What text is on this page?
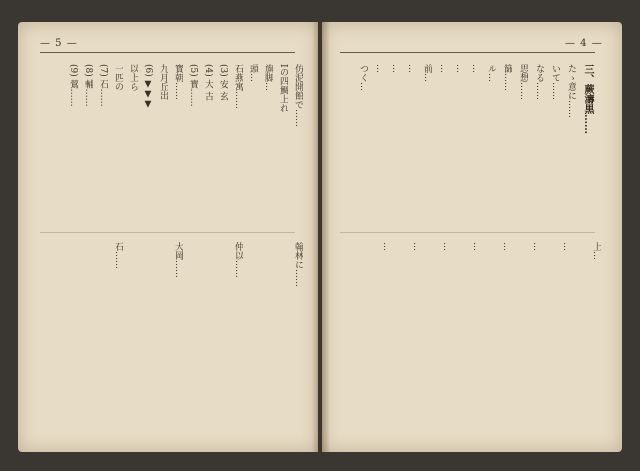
— 5 —	— 4 —
仿泥開館で……
Iの四鯛上れ
旗脚…
頭…
石燕寓……
(3) 安 玄
(4) 大 古
(5) 寳……
寳朝……
九月丘出
(6) ▼▼▼
以上ら
一匹の
(7) 石……
(8) 輔……
(9) 鶯……
翰林に……
仲以……
大岡……
石……
三、蕨濤黒……
たゝ意に……
いて……
なる……
思想……
篩……
ル…
…
…
…
前…
…
…
…
つく…
上…
…
…
…
…
…
…
…
